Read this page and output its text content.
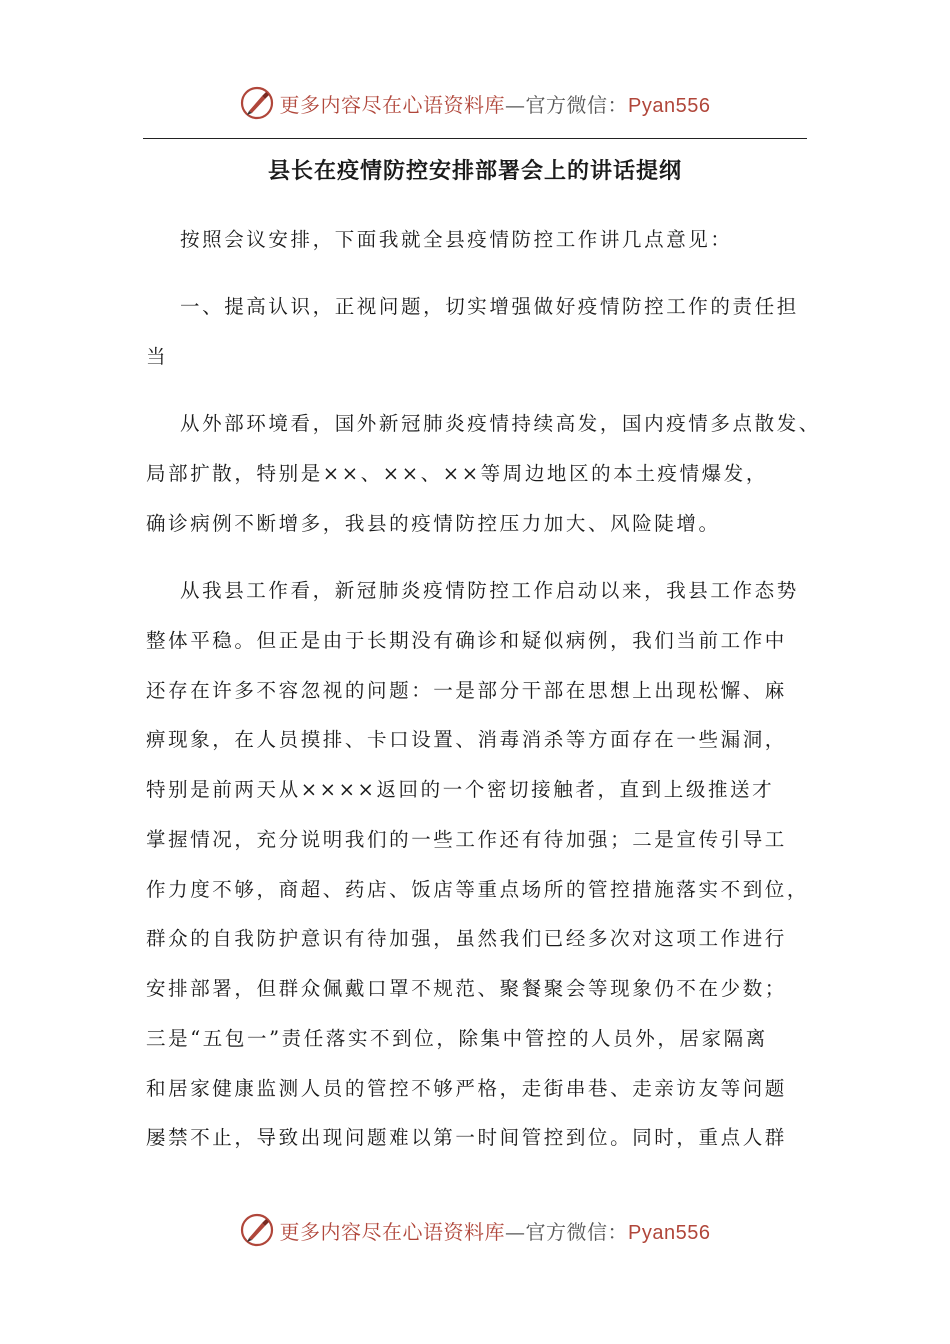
更多内容尽在心语资料库—官方微信：Pyan556
县长在疫情防控安排部署会上的讲话提纲
按照会议安排，下面我就全县疫情防控工作讲几点意见：
一、提高认识，正视问题，切实增强做好疫情防控工作的责任担
当
从外部环境看，国外新冠肺炎疫情持续高发，国内疫情多点散发、
局部扩散，特别是××、××、××等周边地区的本土疫情爆发，
确诊病例不断增多，我县的疫情防控压力加大、风险陡增。
从我县工作看，新冠肺炎疫情防控工作启动以来，我县工作态势
整体平稳。但正是由于长期没有确诊和疑似病例，我们当前工作中
还存在许多不容忽视的问题：一是部分干部在思想上出现松懈、麻
痹现象，在人员摸排、卡口设置、消毒消杀等方面存在一些漏洞，
特别是前两天从××××返回的一个密切接触者，直到上级推送才
掌握情况，充分说明我们的一些工作还有待加强；二是宣传引导工
作力度不够，商超、药店、饭店等重点场所的管控措施落实不到位，
群众的自我防护意识有待加强，虽然我们已经多次对这项工作进行
安排部署，但群众佩戴口罩不规范、聚餐聚会等现象仍不在少数；
三是“五包一”责任落实不到位，除集中管控的人员外，居家隔离
和居家健康监测人员的管控不够严格，走街串巷、走亲访友等问题
屡禁不止，导致出现问题难以第一时间管控到位。同时，重点人群
更多内容尽在心语资料库—官方微信：Pyan556
